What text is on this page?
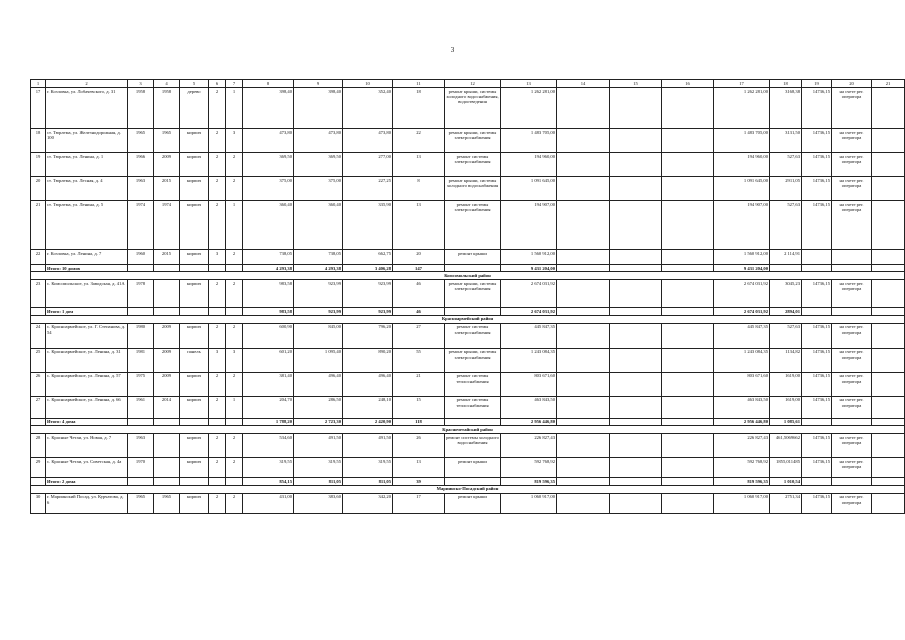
3
1	2	3	4	5	6	7	8	9	10	11	12	13	14	15	16	17	18	19	20	21
17	г. Козловка, ул. Лобачевского, д. 31	1958	1958	дерево	2	1	398,40	398,40	352,40	18	ремонт крыши, системы холодного водоснабжения, водоотведения	1 262 281,00				1 262 281,00	3168,38	14736,15	на счете рег. оператора	
18	ст. Тюрлема, ул. Железнодорожная, д. 100	1965	1965	кирпич	2	3	473,80	473,80	473,80	22	ремонт крыши, системы электроснабжения	1 483 705,00				1 483 705,00	3131,50	14736,15	на счете рег. оператора	
19	ст. Тюрлема, ул. Ленина, д. 1	1966	2009	кирпич	2	2	369,50	369,50	277,00	13	ремонт системы электроснабжения	194 960,00				194 960,00	527,63	14736,15	на счете рег. оператора	
20	ст. Тюрлема, ул. Лесная, д. 4	1963	2015	кирпич	2	2	375,00	375,00	227,25	8	ремонт крыши, системы холодного водоснабжения	1 091 645,00				1 091 645,00	2911,05	14736,15	на счете рег. оператора	
21	ст. Тюрлема, ул. Ленина, д. 5	1974	1974	кирпич	2	1	360,40	360,40	335,90	13	ремонт системы электроснабжения	194 907,00				194 907,00	527,63	14736,15	на счете рег. оператора	
22	г. Козловка, ул. Ленина, д. 7	1960	2015	кирпич	3	2	738,05	738,05	662,75	20	ремонт крыши	1 560 912,00				1 560 912,00	2 114,91			
	Итого: 10 домов						4 293,38	4 293,38	3 406,28	147		9 431 204,00				9 431 204,00				
Комсомольский район																				
23	с. Комсомольское, ул. Заводская, д. 41А	1978		кирпич	2	2	983,58	923,99	923,99	46	ремонт крыши, системы электроснабжения	2 674 031,92				2 674 031,92	3045,23	14736,15	на счете рег. оператора	
	Итого: 1 дом						983,58	923,99	923,99	46		2 674 031,92				2 674 031,92	2894,01			
Красноармейский район																				
24	с. Красноармейское, ул. Г. Степанова, д. 54	1980	2009	кирпич	2	2	600,90	845,00	796,20	27	ремонт системы электроснабжения	445 847,35				445 847,35	527,63	14736,15	на счете рег. оператора	
25	с. Красноармейское, ул. Ленина, д. 31	1981	2009	панель	3	3	601,20	1 095,40	890,20	55	ремонт крыши, системы электроснабжения	1 243 084,35				1 243 084,35	1134,82	14736,15	на счете рег. оператора	
26	с. Красноармейское, ул. Ленина, д. 57	1975	2009	кирпич	2	2	381,40	496,40	496,40	21	ремонт системы теплоснабжения	803 671,60				803 671,60	1619,00	14736,15	на счете рег. оператора	
27	с. Красноармейское, ул. Ленина, д. 66	1961	2014	кирпич	2	1	204,70	286,50	248,10	15	ремонт системы теплоснабжения	463 843,50				463 843,50	1619,00	14736,15	на счете рег. оператора	
	Итого: 4 дома						1 788,20	2 723,30	2 420,90	118		2 956 446,80				2 956 446,80	1 085,61			
Красночетайский район																				
28	с. Красные Четаи, ул. Новая, д. 7	1963		кирпич	2	2	534,60	491,50	491,50	26	ремонт системы холодного водоснабжения	226 827,43				226 827,43	461,5069662	14736,15	на счете рег. оператора	
29	с. Красные Четаи, ул. Советская, д. 4а	1970		кирпич	2	2	319,55	319,55	319,55	13	ремонт крыши	592 768,92				592 768,92	1855,011485	14736,15	на счете рег. оператора	
	Итого: 2 дома						854,15	811,05	811,05	39		819 596,35				819 596,35	1 010,54			
Мариинско-Посадский район																				
30	г. Мариинский Посад, ул. Курчатова, д. 6	1965	1965	кирпич	2	2	431,00	383,60	342,20	17	ремонт крыши	1 060 917,00				1 060 917,00	2751,34	14736,15	на счете рег. оператора	
